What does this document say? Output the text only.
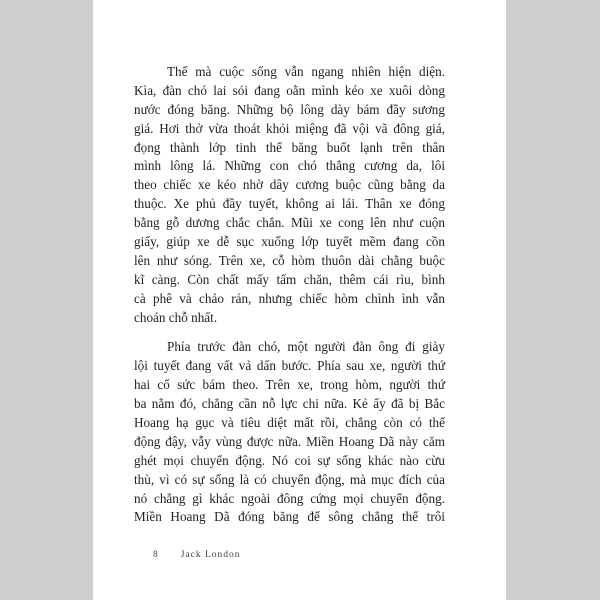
Thế mà cuộc sống vẫn ngang nhiên hiện diện.
Kìa, đàn chó lai sói đang oằn mình kéo xe xuôi dòng
nước đóng băng. Những bộ lông dày bám đầy sương
giá. Hơi thở vừa thoát khỏi miệng đã vội vã đông giá,
đọng thành lớp tinh thể băng buốt lạnh trên thân
mình lông lá. Những con chó thẳng cương da, lôi
theo chiếc xe kéo nhờ dây cương buộc cũng bằng da
thuộc. Xe phủ đầy tuyết, không ai lái. Thân xe đóng
bằng gỗ dương chắc chắn. Mũi xe cong lên như cuộn
giấy, giúp xe dễ sục xuống lớp tuyết mềm đang cồn
lên như sóng. Trên xe, cỗ hòm thuôn dài chằng buộc
kĩ càng. Còn chất mấy tấm chăn, thêm cái rìu, bình
cà phê và chảo rán, nhưng chiếc hòm chình ình vẫn
choán chỗ nhất.
Phía trước đàn chó, một người đàn ông đi giày
lội tuyết đang vất vả dấn bước. Phía sau xe, người thứ
hai cố sức bám theo. Trên xe, trong hòm, người thứ
ba nằm đó, chẳng cần nỗ lực chi nữa. Kẻ ấy đã bị Bắc
Hoang hạ gục và tiêu diệt mất rồi, chẳng còn có thể
động đậy, vẫy vùng được nữa. Miền Hoang Dã này căm
ghét mọi chuyển động. Nó coi sự sống khác nào cừu
thù, vì có sự sống là có chuyển động, mà mục đích của
nó chẳng gì khác ngoài đông cứng mọi chuyển động.
Miền Hoang Dã đóng băng để sông chẳng thể trôi
8 Jack London
